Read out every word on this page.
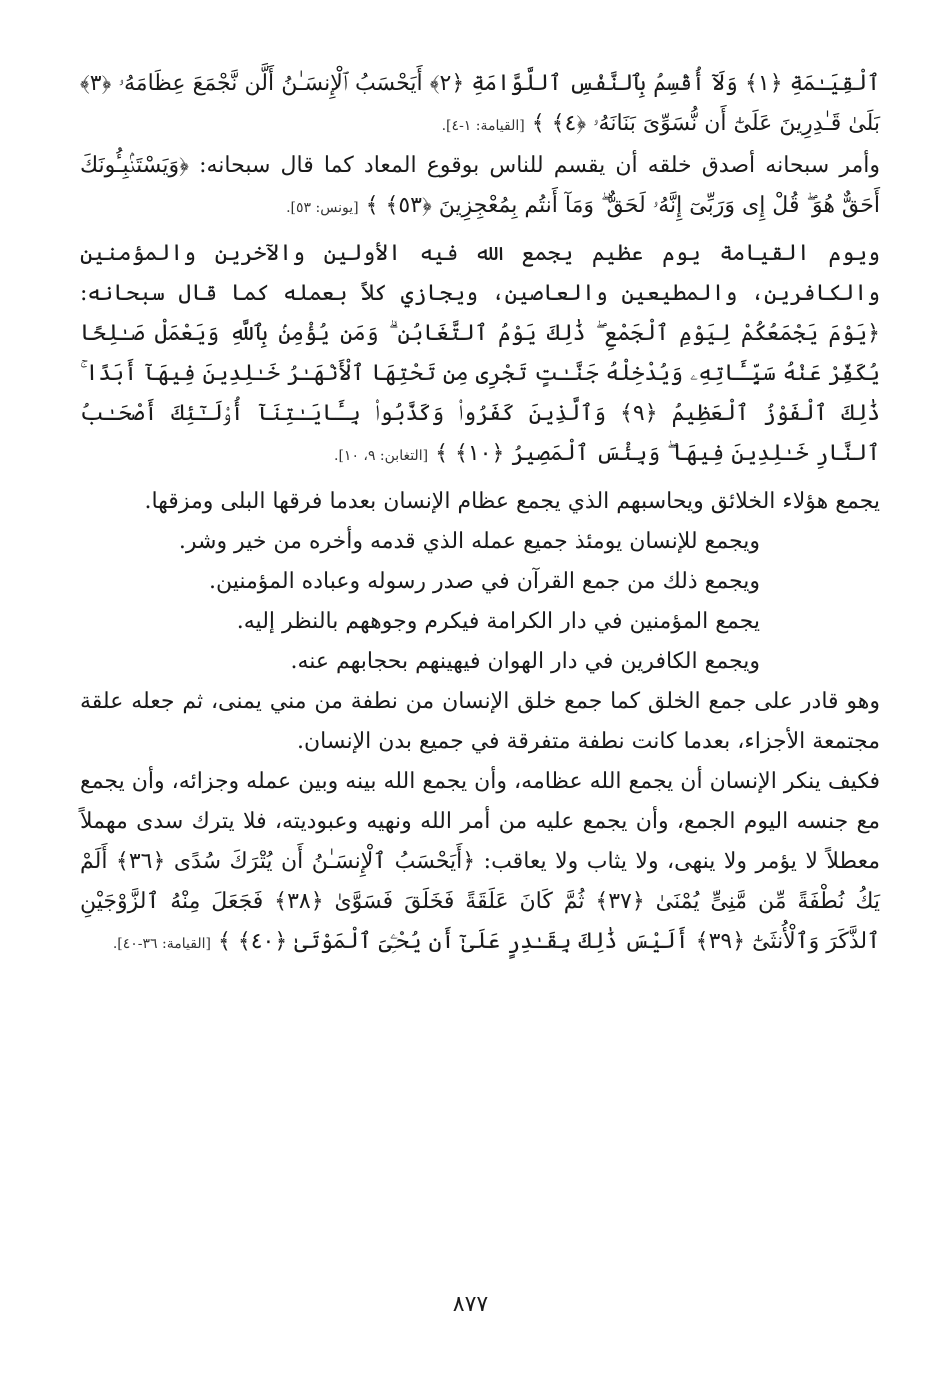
ٱلْقِيَـٰمَةِ ﴿١﴾ وَلَآ أُقْسِمُ بِٱلنَّفْسِ ٱللَّوَّامَةِ ﴿٢﴾ أَيَحْسَبُ ٱلْإِنسَـٰنُ أَلَّن نَّجْمَعَ عِظَامَهُۥ ﴿٣﴾ بَلَىٰ قَـٰدِرِينَ عَلَىٰٓ أَن نُّسَوِّىَ بَنَانَهُۥ ﴿٤﴾ ﴾ [القيامة: ١-٤].

وأمر سبحانه أصدق خلقه أن يقسم للناس بوقوع المعاد كما قال سبحانه: ﴿وَيَسْتَنۢبِـُٔونَكَ أَحَقٌّ هُوَ ۖ قُلْ إِى وَرَبِّىٓ إِنَّهُۥ لَحَقٌّ ۖ وَمَآ أَنتُم بِمُعْجِزِينَ ﴿٥٣﴾ ﴾ [يونس: ٥٣].

ويوم القيامة يوم عظيم يجمع الله فيه الأولين والآخرين والمؤمنين والكافرين، والمطيعين والعاصين، ويجازي كلاً بعمله كما قال سبحانه: ﴿يَوْمَ يَجْمَعُكُمْ لِيَوْمِ ٱلْجَمْعِ ۖ ذَٰلِكَ يَوْمُ ٱلتَّغَابُنِ ۗ وَمَن يُؤْمِنۢ بِٱللَّهِ وَيَعْمَلْ صَـٰلِحًا يُكَفِّرْ عَنْهُ سَيِّـَٔاتِهِۦ وَيُدْخِلْهُ جَنَّـٰتٍ تَجْرِى مِن تَحْتِهَا ٱلْأَنْهَـٰرُ خَـٰلِدِينَ فِيهَآ أَبَدًا ۚ ذَٰلِكَ ٱلْفَوْزُ ٱلْعَظِيمُ ﴿٩﴾ وَٱلَّذِينَ كَفَرُوا۟ وَكَذَّبُوا۟ بِـَٔايَـٰتِنَآ أُو۟لَـٰٓئِكَ أَصْحَـٰبُ ٱلنَّارِ خَـٰلِدِينَ فِيهَا ۖ وَبِئْسَ ٱلْمَصِيرُ ﴿١٠﴾ ﴾ [التغابن: ٩، ١٠].

يجمع هؤلاء الخلائق ويحاسبهم الذي يجمع عظام الإنسان بعدما فرقها البلى ومزقها.

ويجمع للإنسان يومئذ جميع عمله الذي قدمه وأخره من خير وشر.

ويجمع ذلك من جمع القرآن في صدر رسوله وعباده المؤمنين.

يجمع المؤمنين في دار الكرامة فيكرم وجوههم بالنظر إليه.

ويجمع الكافرين في دار الهوان فيهينهم بحجابهم عنه.

وهو قادر على جمع الخلق كما جمع خلق الإنسان من نطفة من مني يمنى، ثم جعله علقة مجتمعة الأجزاء، بعدما كانت نطفة متفرقة في جميع بدن الإنسان.

فكيف ينكر الإنسان أن يجمع الله عظامه، وأن يجمع الله بينه وبين عمله وجزائه، وأن يجمع مع جنسه اليوم الجمع، وأن يجمع عليه من أمر الله ونهيه وعبوديته، فلا يترك سدى مهملاً معطلاً لا يؤمر ولا ينهى، ولا يثاب ولا يعاقب: ﴿أَيَحْسَبُ ٱلْإِنسَـٰنُ أَن يُتْرَكَ سُدًى ﴿٣٦﴾ أَلَمْ يَكُ نُطْفَةً مِّن مَّنِىٍّ يُمْنَىٰ ﴿٣٧﴾ ثُمَّ كَانَ عَلَقَةً فَخَلَقَ فَسَوَّىٰ ﴿٣٨﴾ فَجَعَلَ مِنْهُ ٱلزَّوْجَيْنِ ٱلذَّكَرَ وَٱلْأُنثَىٰٓ ﴿٣٩﴾ أَلَيْسَ ذَٰلِكَ بِقَـٰدِرٍ عَلَىٰٓ أَن يُحْـِۧىَ ٱلْمَوْتَىٰ ﴿٤٠﴾ ﴾ [القيامة: ٣٦-٤٠].

٨٧٧
